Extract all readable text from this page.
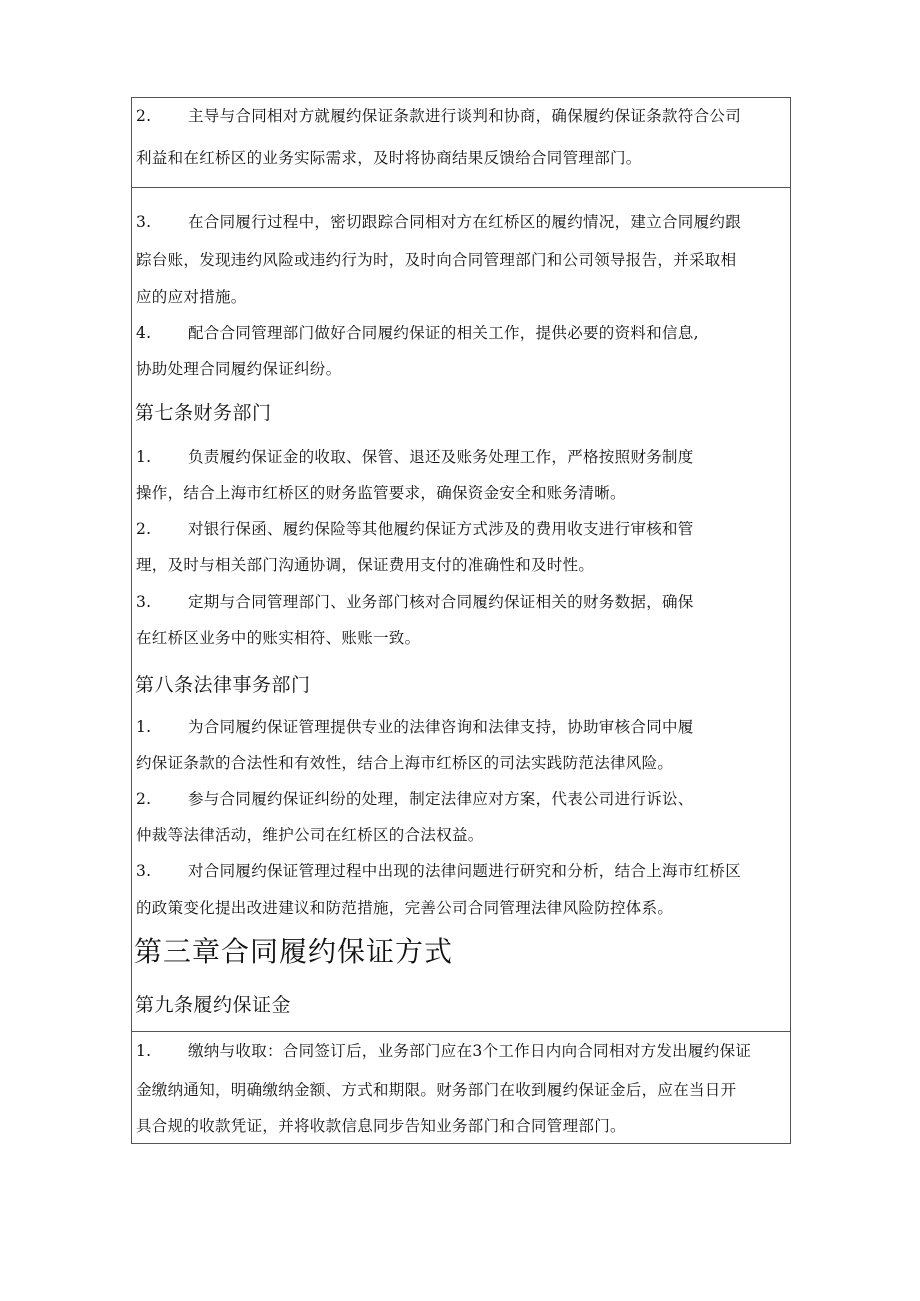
2. 主导与合同相对方就履约保证条款进行谈判和协商，确保履约保证条款符合公司
利益和在红桥区的业务实际需求，及时将协商结果反馈给合同管理部门。
3. 在合同履行过程中，密切跟踪合同相对方在红桥区的履约情况，建立合同履约跟
踪台账，发现违约风险或违约行为时，及时向合同管理部门和公司领导报告，并采取相
应的应对措施。
4. 配合合同管理部门做好合同履约保证的相关工作，提供必要的资料和信息,
协助处理合同履约保证纠纷。
第七条财务部门
1. 负责履约保证金的收取、保管、退还及账务处理工作，严格按照财务制度
操作，结合上海市红桥区的财务监管要求，确保资金安全和账务清晰。
2. 对银行保函、履约保险等其他履约保证方式涉及的费用收支进行审核和管
理，及时与相关部门沟通协调，保证费用支付的准确性和及时性。
3. 定期与合同管理部门、业务部门核对合同履约保证相关的财务数据，确保
在红桥区业务中的账实相符、账账一致。
第八条法律事务部门
1. 为合同履约保证管理提供专业的法律咨询和法律支持，协助审核合同中履
约保证条款的合法性和有效性，结合上海市红桥区的司法实践防范法律风险。
2. 参与合同履约保证纠纷的处理，制定法律应对方案，代表公司进行诉讼、
仲裁等法律活动，维护公司在红桥区的合法权益。
3. 对合同履约保证管理过程中出现的法律问题进行研究和分析，结合上海市红桥区
的政策变化提出改进建议和防范措施，完善公司合同管理法律风险防控体系。
第三章合同履约保证方式
第九条履约保证金
1. 缴纳与收取：合同签订后，业务部门应在3个工作日内向合同相对方发出履约保证
金缴纳通知，明确缴纳金额、方式和期限。财务部门在收到履约保证金后，应在当日开
具合规的收款凭证，并将收款信息同步告知业务部门和合同管理部门。
